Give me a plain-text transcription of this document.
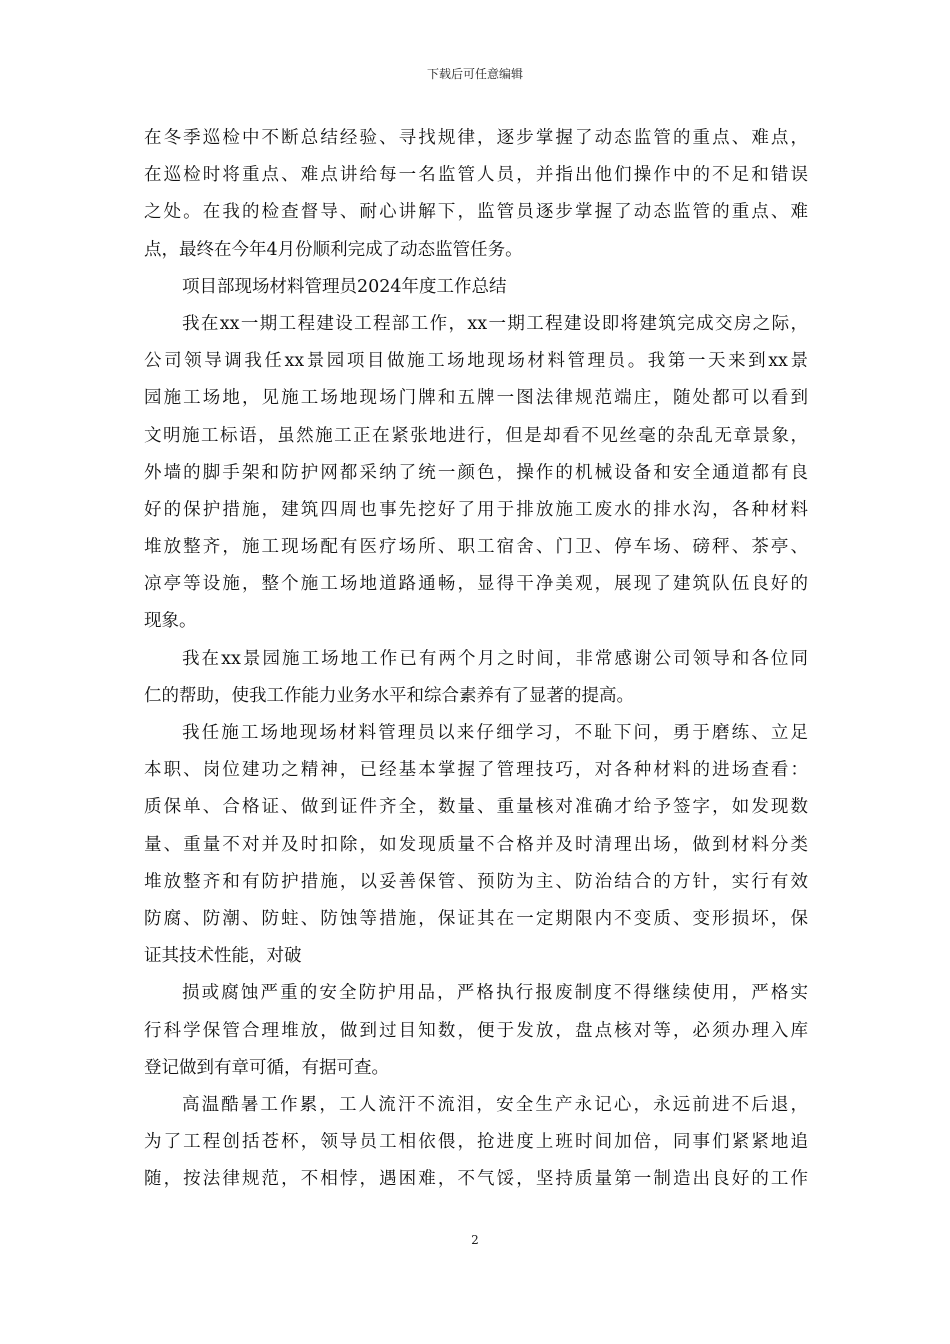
下载后可任意编辑
在冬季巡检中不断总结经验、寻找规律，逐步掌握了动态监管的重点、难点，
在巡检时将重点、难点讲给每一名监管人员，并指出他们操作中的不足和错误
之处。在我的检查督导、耐心讲解下，监管员逐步掌握了动态监管的重点、难
点，最终在今年4月份顺利完成了动态监管任务。
项目部现场材料管理员2024年度工作总结
我在xx一期工程建设工程部工作，xx一期工程建设即将建筑完成交房之际，
公司领导调我任xx景园项目做施工场地现场材料管理员。我第一天来到xx景
园施工场地，见施工场地现场门牌和五牌一图法律规范端庄，随处都可以看到
文明施工标语，虽然施工正在紧张地进行，但是却看不见丝毫的杂乱无章景象，
外墙的脚手架和防护网都采纳了统一颜色，操作的机械设备和安全通道都有良
好的保护措施，建筑四周也事先挖好了用于排放施工废水的排水沟，各种材料
堆放整齐，施工现场配有医疗场所、职工宿舍、门卫、停车场、磅秤、茶亭、
凉亭等设施，整个施工场地道路通畅，显得干净美观，展现了建筑队伍良好的
现象。
我在xx景园施工场地工作已有两个月之时间，非常感谢公司领导和各位同
仁的帮助，使我工作能力业务水平和综合素养有了显著的提高。
我任施工场地现场材料管理员以来仔细学习，不耻下问，勇于磨练、立足
本职、岗位建功之精神，已经基本掌握了管理技巧，对各种材料的进场查看：
质保单、合格证、做到证件齐全，数量、重量核对准确才给予签字，如发现数
量、重量不对并及时扣除，如发现质量不合格并及时清理出场，做到材料分类
堆放整齐和有防护措施，以妥善保管、预防为主、防治结合的方针，实行有效
防腐、防潮、防蛀、防蚀等措施，保证其在一定期限内不变质、变形损坏，保
证其技术性能，对破
损或腐蚀严重的安全防护用品，严格执行报废制度不得继续使用，严格实
行科学保管合理堆放，做到过目知数，便于发放，盘点核对等，必须办理入库
登记做到有章可循，有据可查。
高温酷暑工作累，工人流汗不流泪，安全生产永记心，永远前进不后退，
为了工程创括苍杯，领导员工相依偎，抢进度上班时间加倍，同事们紧紧地追
随，按法律规范，不相悖，遇困难，不气馁，坚持质量第一制造出良好的工作
2
